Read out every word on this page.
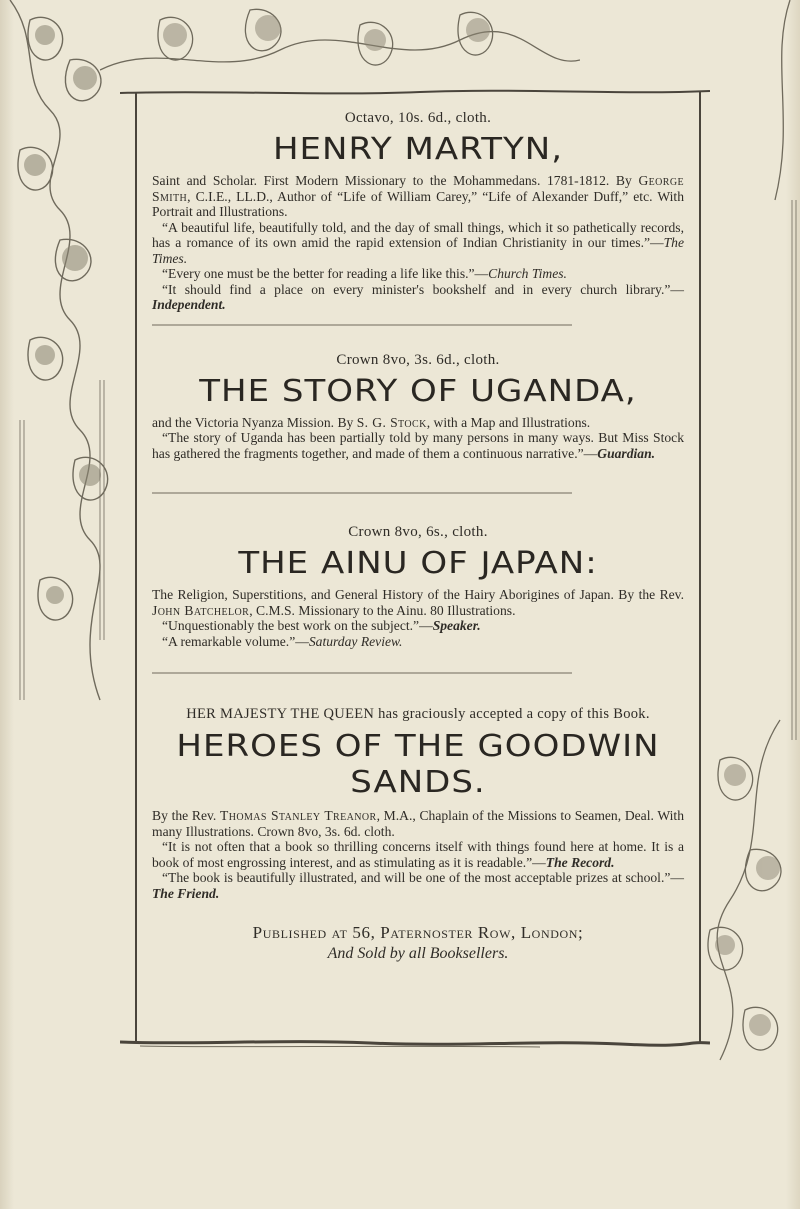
Octavo, 10s. 6d., cloth.

HENRY MARTYN,

Saint and Scholar. First Modern Missionary to the Mohammedans. 1781-1812. By George Smith, C.I.E., LL.D., Author of “Life of William Carey,” “Life of Alexander Duff,” etc. With Portrait and Illustrations.

“A beautiful life, beautifully told, and the day of small things, which it so pathetically records, has a romance of its own amid the rapid extension of Indian Christianity in our times.”—The Times.

“Every one must be the better for reading a life like this.”—Church Times.

“It should find a place on every minister's bookshelf and in every church library.”—Independent.

Crown 8vo, 3s. 6d., cloth.

THE STORY OF UGANDA,

and the Victoria Nyanza Mission. By S. G. Stock, with a Map and Illustrations.

“The story of Uganda has been partially told by many persons in many ways. But Miss Stock has gathered the fragments together, and made of them a continuous narrative.”—Guardian.

Crown 8vo, 6s., cloth.

THE AINU OF JAPAN:

The Religion, Superstitions, and General History of the Hairy Aborigines of Japan. By the Rev. John Batchelor, C.M.S. Missionary to the Ainu. 80 Illustrations.

“Unquestionably the best work on the subject.”—Speaker.

“A remarkable volume.”—Saturday Review.

HER MAJESTY THE QUEEN has graciously accepted a copy of this Book.

HEROES OF THE GOODWIN SANDS.

By the Rev. Thomas Stanley Treanor, M.A., Chaplain of the Missions to Seamen, Deal. With many Illustrations. Crown 8vo, 3s. 6d. cloth.

“It is not often that a book so thrilling concerns itself with things found here at home. It is a book of most engrossing interest, and as stimulating as it is readable.”—The Record.

“The book is beautifully illustrated, and will be one of the most acceptable prizes at school.”—The Friend.

Published at 56, Paternoster Row, London;

And Sold by all Booksellers.
